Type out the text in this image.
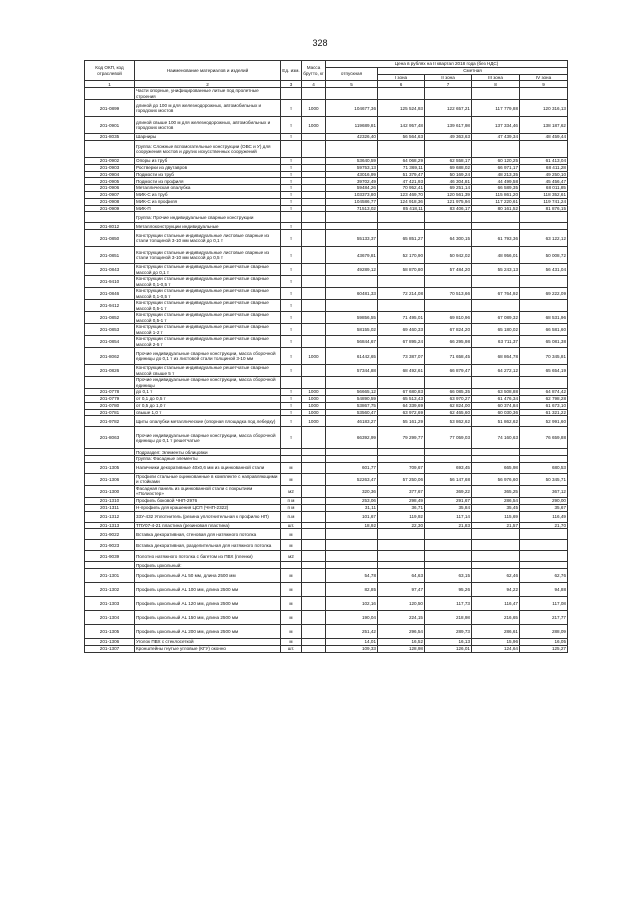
328
Код ОКП, код отраслевой	Наименование материалов и изделий	Ед. изм.	Масса брутто, кг	Цена в рублях на II квартал 2018 года (без НДС)				
				отпускная	Сметная			
					I зона	II зона	III зона	IV зона
1	2	3	4	5	6	7	8	9
	Части опорные, унифицированные литые под пролетные строения							
201-0899	длиной до 100 м для железнодорожных, автомобильных и городских мостов	т	1000	104677,36	125 524,93	122 657,21	117 779,88	120 316,13
201-0901	длиной свыше 100 м для железнодорожных, автомобильных и городских мостов	т	1000	119689,81	142 957,48	139 617,98	137 334,46	138 187,62
201-8035	Шарниры	т		42326,40	56 564,63	49 363,63	47 439,34	48 459,44
	Группа: Сложные вспомогательные конструкции (ОВС и У) для сооружения мостов и других искусственных сооружений							
201-0902	Опоры из труб	т		53640,59	64 068,29	62 558,17	60 120,25	61 413,04
201-0903	Ростверки из двутавров	т		59753,13	71 369,11	69 688,02	66 971,17	68 411,28
201-0904	Подмости из труб	т		43016,99	51 379,47	50 169,24	48 213,35	49 250,10
201-0905	Подмости из профиля	т		39702,49	47 421,93	46 304,81	44 499,58	45 456,47
201-0906	Металлическая опалубка	т		59484,26	70 952,41	69 251,14	66 589,35	68 011,85
201-0907	МИК-С из труб	т		103373,80	123 469,70	120 561,39	115 861,20	118 352,61
201-0908	МИК-С из профиля	т		104586,77	124 918,36	121 975,94	117 220,61	119 741,24
201-0909	МИК-П	т		71513,02	85 418,11	83 406,17	80 161,52	81 876,15
	Группа: Прочие индивидуальные сварные конструкции							
201-8012	Металлоконструкции индивидуальные	т						
201-0850	Конструкции стальные индивидуальные листовые сварные из стали толщиной 3-10 мм массой до 0,1 т	т		55133,37	65 851,27	64 300,15	61 793,36	63 122,12
201-0851	Конструкции стальные индивидуальные листовые сварные из стали толщиной 3-10 мм массой до 0,5 т	т		43679,81	52 170,90	50 942,02	48 956,01	50 008,72
201-0843	Конструкции стальные индивидуальные решетчатые сварные массой до 0,1 т	т		49289,12	58 870,80	57 484,20	55 243,13	56 431,04
201-9410	Конструкции стальные индивидуальные решетчатые сварные массой 0,1-0,5 т	т						
201-0846	Конструкции стальные индивидуальные решетчатые сварные массой 0,1-0,5 т	т		60481,33	72 214,08	70 513,66	67 764,92	69 222,09
201-9412	Конструкции стальные индивидуальные решетчатые сварные массой 0,5-1 т	т						
201-0852	Конструкции стальные индивидуальные решетчатые сварные массой 0,5-1 т	т		59856,55	71 495,01	69 810,96	67 089,32	68 531,96
201-0853	Конструкции стальные индивидуальные решетчатые сварные массой 1-2 т	т		58155,02	69 460,33	67 824,20	65 180,02	66 581,60
201-0854	Конструкции стальные индивидуальные решетчатые сварные массой 2-5 т	т		56844,67	67 895,24	66 295,98	63 711,37	65 081,38
201-8062	Прочие индивидуальные сварные конструкции, масса сборочной единицы до 0,1 т из листовой стали толщиной 3-10 мм	т	1000	61442,65	73 387,07	71 658,45	68 864,78	70 345,81
201-0826	Конструкции стальные индивидуальные решетчатые сварные массой свыше 5 т	т		57344,88	68 492,61	66 879,47	64 272,12	65 654,19
	Прочие индивидуальные сварные конструкции, масса сборочной единицы							
201-0778	до 0,1 т	т	1000	56665,12	67 680,83	66 085,35	63 508,88	64 874,42
201-0779	от 0,1 до 0,5 т	т	1000	54890,59	65 513,43	63 970,27	61 476,34	62 798,28
201-0780	от 0,5 до 1,0 т	т	1000	53867,75	64 339,69	62 824,00	60 374,84	61 673,10
201-0781	свыше 1,0 т	т	1000	53560,47	63 972,69	62 465,60	60 030,36	61 321,22
201-9782	Щиты опалубки металлические (опорная площадка под лебедку)	т	1000	46183,27	55 161,29	53 862,62	51 862,62	52 991,60
201-8063	Прочие индивидуальные сварные конструкции, масса сборочной единицы до 0,1 т решетчатые	т		66392,99	79 299,77	77 059,03	74 160,63	76 659,88
	Подраздел: Элементы облицовки							
	Группа: Фасадные элементы							
201-1305	Наличники декоративные 40х0,6 мм из оцинкованной стали	м		601,77	709,67	693,45	665,98	680,53
201-1306	Профили стальные оцинкованные в комплекте с направляющими и стойками	м		52263,47	57 250,06	56 147,68	56 976,60	50 345,71
201-1300	Фасадная панель из оцинкованной стали с покрытием «Полиэстер»	м2		320,36	377,67	369,22	365,25	367,12
201-1310	Профиль боковой ЧНП-2976	п м		253,06	298,49	291,67	286,54	290,00
201-1311	Н-профиль для крашения ЦСП (ЧНП-2322)	п м		31,11	36,71	35,84	35,45	35,67
201-1312	33У-432 Уплотнитель (резина уплотнительная к профилю НП)	п.м		101,67	119,92	117,14	115,69	116,49
201-1313	ТПУ07-4-21 пластина (резиновая пластина)	шт.		18,92	22,30	21,83	21,57	21,70
201-9022	Вставка декоративная, стеновая для натяжного потолка	м						
201-9023	Вставка декоративная, разделительная для натяжного потолка	м						
201-9039	Полотно натяжного потолка с багетом из ПВХ (пленки)	м2						
	Профиль цокольный:							
201-1301	Профиль цокольный AL 50 мм, длина 2500 мм	м		54,78	64,63	63,15	62,46	62,76
201-1302	Профиль цокольный AL 100 мм, длина 2500 мм	м		82,85	97,47	95,26	94,22	94,88
201-1303	Профиль цокольный AL 120 мм, длина 2500 мм	м		102,16	120,50	117,73	116,47	117,08
201-1304	Профиль цокольный AL 150 мм, длина 2500 мм	м		190,04	224,15	218,98	216,65	217,77
201-1305	Профиль цокольный AL 200 мм, длина 2500 мм	м		251,42	296,54	289,73	286,61	288,09
201-1306	Уголок ПВХ с стеклосеткой	м		14,01	16,52	16,13	15,96	16,05
201-1307	Кронштейны гнутые угловые (КГУ) оконно	шт.		109,33	128,98	126,01	124,64	125,27
